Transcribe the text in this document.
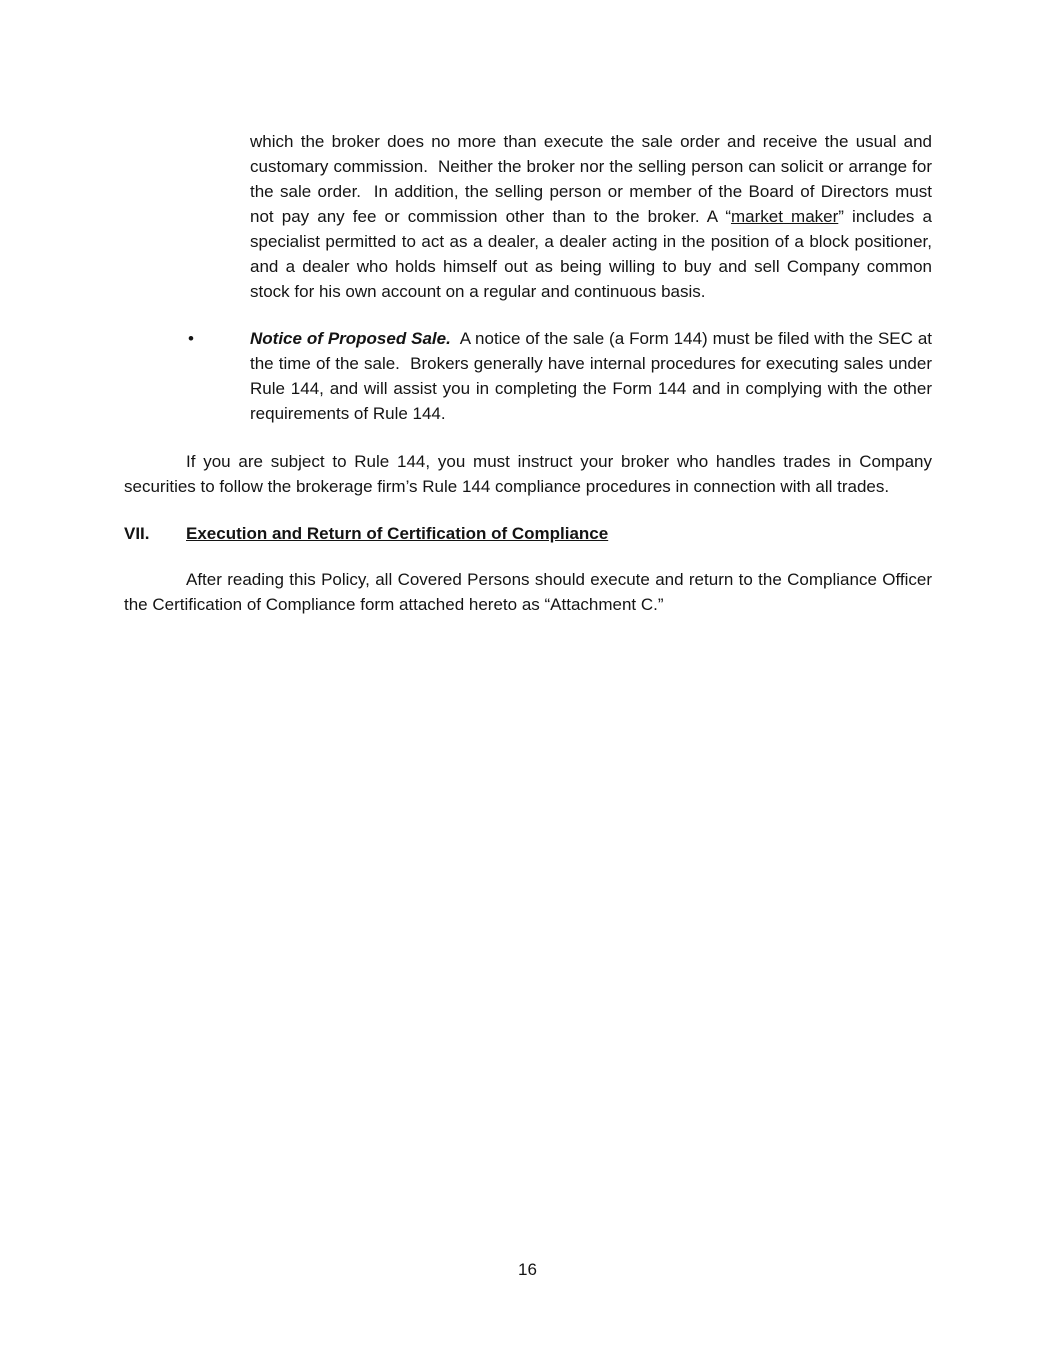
which the broker does no more than execute the sale order and receive the usual and customary commission.  Neither the broker nor the selling person can solicit or arrange for the sale order.  In addition, the selling person or member of the Board of Directors must not pay any fee or commission other than to the broker. A “market maker” includes a specialist permitted to act as a dealer, a dealer acting in the position of a block positioner, and a dealer who holds himself out as being willing to buy and sell Company common stock for his own account on a regular and continuous basis.
•	Notice of Proposed Sale.  A notice of the sale (a Form 144) must be filed with the SEC at the time of the sale.  Brokers generally have internal procedures for executing sales under Rule 144, and will assist you in completing the Form 144 and in complying with the other requirements of Rule 144.
If you are subject to Rule 144, you must instruct your broker who handles trades in Company securities to follow the brokerage firm’s Rule 144 compliance procedures in connection with all trades.
VII.	Execution and Return of Certification of Compliance
After reading this Policy, all Covered Persons should execute and return to the Compliance Officer the Certification of Compliance form attached hereto as “Attachment C.”
16
